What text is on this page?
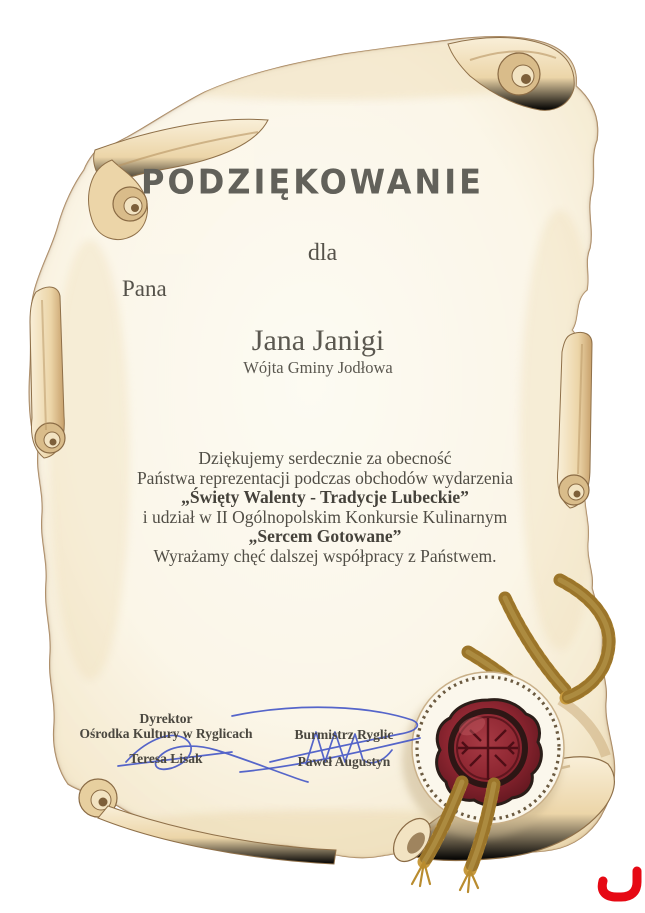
PODZIĘKOWANIE
dla
Pana
Jana Janigi
Wójta Gminy Jodłowa
Dziękujemy serdecznie za obecność
Państwa reprezentacji podczas obchodów wydarzenia
„Święty Walenty - Tradycje Lubeckie”
i udział w II Ogólnopolskim Konkursie Kulinarnym
„Sercem Gotowane”
Wyrażamy chęć dalszej współpracy z Państwem.
Dyrektor
Ośrodka Kultury w Ryglicach
Teresa Lisak
Burmistrz Ryglic
Paweł Augustyn
